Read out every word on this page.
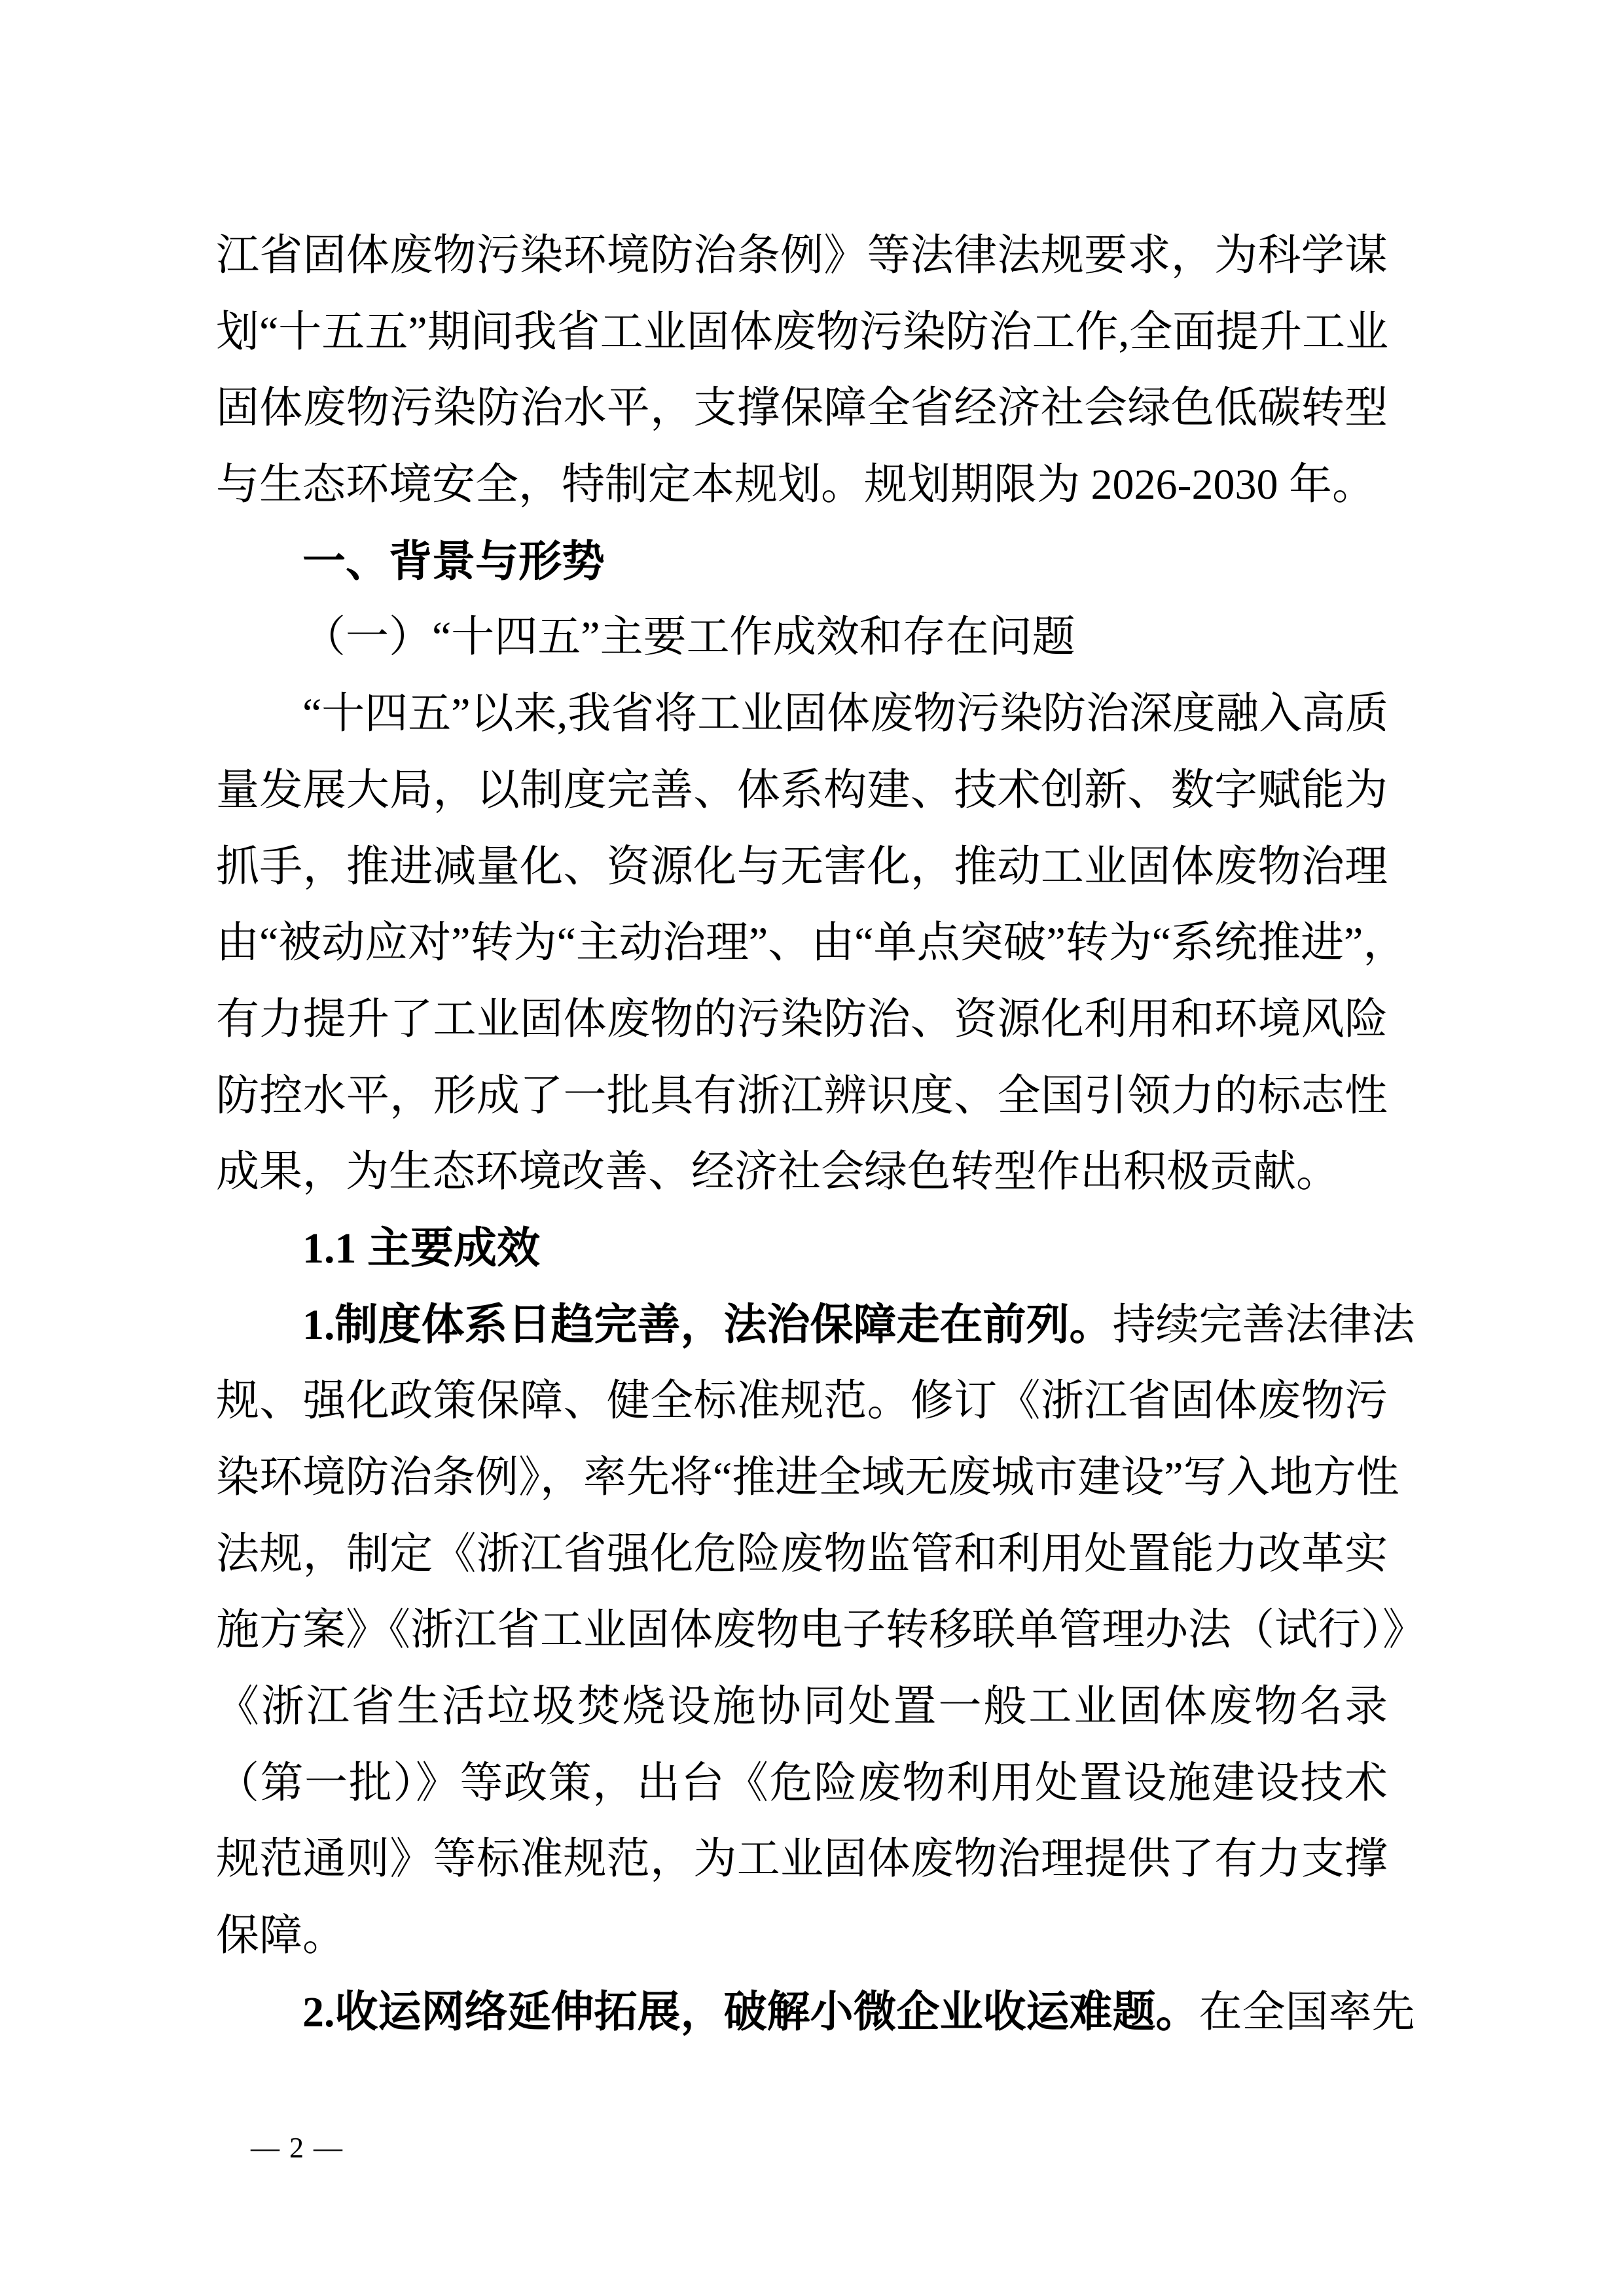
江省固体废物污染环境防治条例》等法律法规要求，为科学谋
划“十五五”期间我省工业固体废物污染防治工作,全面提升工业
固体废物污染防治水平，支撑保障全省经济社会绿色低碳转型
与生态环境安全，特制定本规划。规划期限为 2026-2030 年。
一、背景与形势
（一）“十四五”主要工作成效和存在问题
“十四五”以来,我省将工业固体废物污染防治深度融入高质
量发展大局，以制度完善、体系构建、技术创新、数字赋能为
抓手，推进减量化、资源化与无害化，推动工业固体废物治理
由“被动应对”转为“主动治理”、由“单点突破”转为“系统推进”，
有力提升了工业固体废物的污染防治、资源化利用和环境风险
防控水平，形成了一批具有浙江辨识度、全国引领力的标志性
成果，为生态环境改善、经济社会绿色转型作出积极贡献。
1.1 主要成效
1.制度体系日趋完善，法治保障走在前列。持续完善法律法
规、强化政策保障、健全标准规范。修订《浙江省固体废物污
染环境防治条例》，率先将“推进全域无废城市建设”写入地方性
法规，制定《浙江省强化危险废物监管和利用处置能力改革实
施方案》《浙江省工业固体废物电子转移联单管理办法（试行）》
《浙江省生活垃圾焚烧设施协同处置一般工业固体废物名录
（第一批）》等政策，出台《危险废物利用处置设施建设技术
规范通则》等标准规范，为工业固体废物治理提供了有力支撑
保障。
2.收运网络延伸拓展，破解小微企业收运难题。在全国率先
— 2 —
